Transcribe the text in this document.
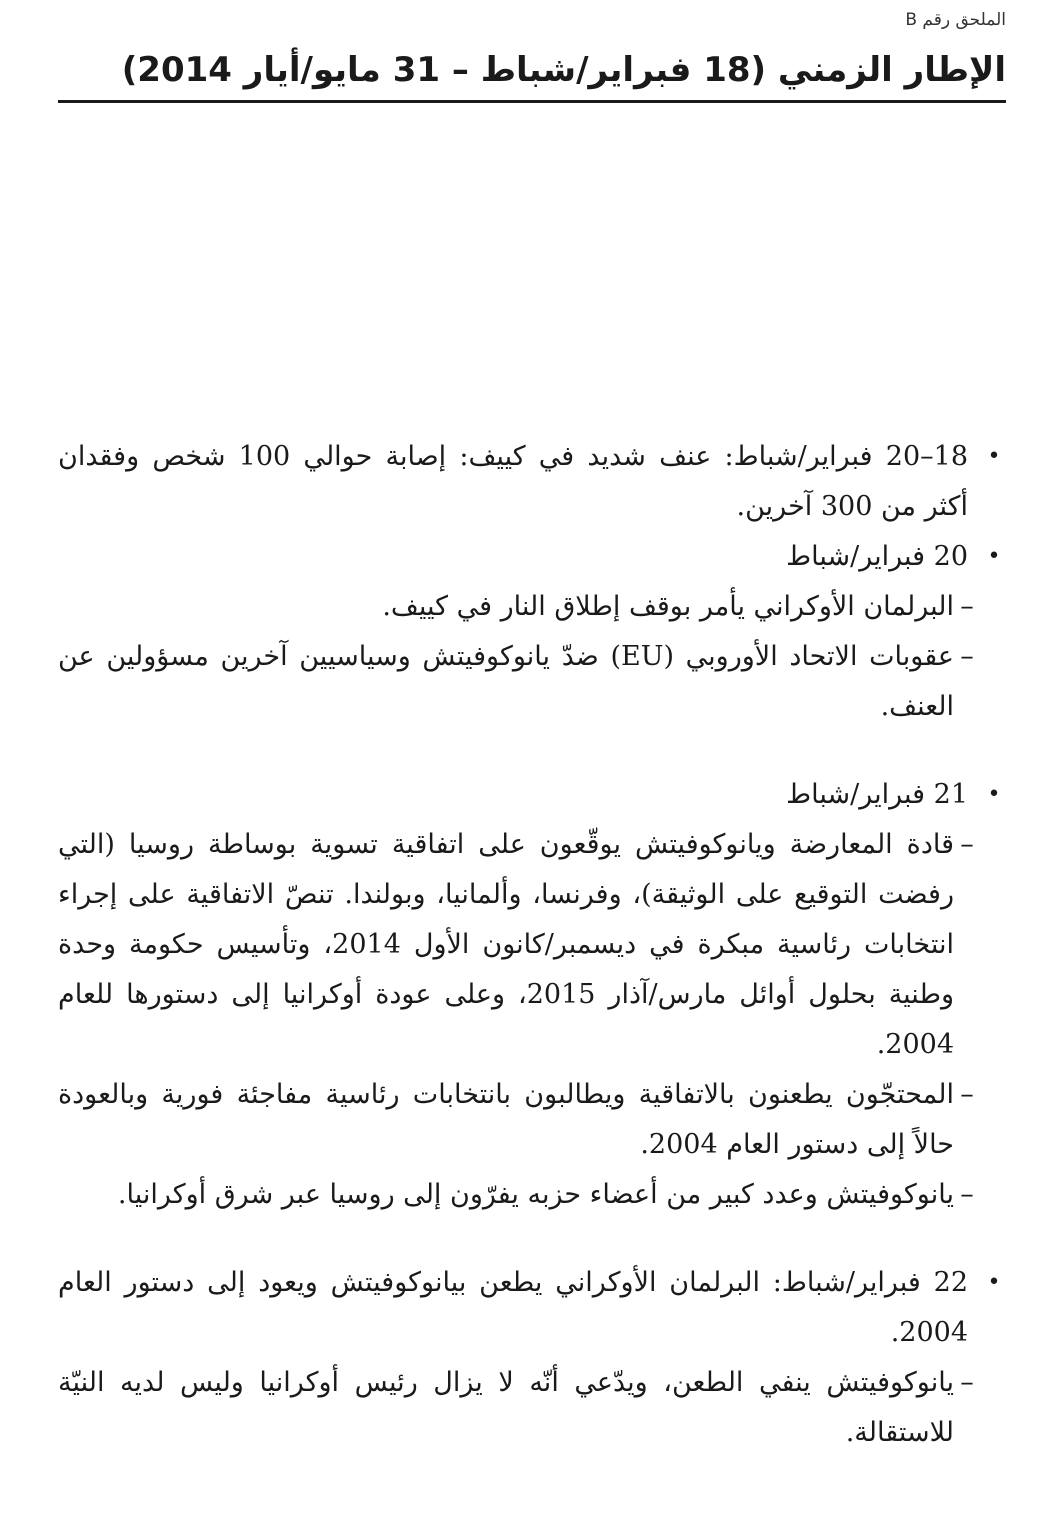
الملحق رقم B
الإطار الزمني (18 فبراير/شباط – 31 مايو/أيار 2014)
•
18–20 فبراير/شباط: عنف شديد في كييف: إصابة حوالي 100 شخص وفقدان أكثر من 300 آخرين.
•
20 فبراير/شباط
–
البرلمان الأوكراني يأمر بوقف إطلاق النار في كييف.
–
عقوبات الاتحاد الأوروبي (EU) ضدّ يانوكوفيتش وسياسيين آخرين مسؤولين عن العنف.
•
21 فبراير/شباط
–
قادة المعارضة ويانوكوفيتش يوقّعون على اتفاقية تسوية بوساطة روسيا (التي رفضت التوقيع على الوثيقة)، وفرنسا، وألمانيا، وبولندا. تنصّ الاتفاقية على إجراء انتخابات رئاسية مبكرة في ديسمبر/كانون الأول 2014، وتأسيس حكومة وحدة وطنية بحلول أوائل مارس/آذار 2015، وعلى عودة أوكرانيا إلى دستورها للعام 2004.
–
المحتجّون يطعنون بالاتفاقية ويطالبون بانتخابات رئاسية مفاجئة فورية وبالعودة حالاً إلى دستور العام 2004.
–
يانوكوفيتش وعدد كبير من أعضاء حزبه يفرّون إلى روسيا عبر شرق أوكرانيا.
•
22 فبراير/شباط: البرلمان الأوكراني يطعن بيانوكوفيتش ويعود إلى دستور العام 2004.
–
يانوكوفيتش ينفي الطعن، ويدّعي أنّه لا يزال رئيس أوكرانيا وليس لديه النيّة للاستقالة.
